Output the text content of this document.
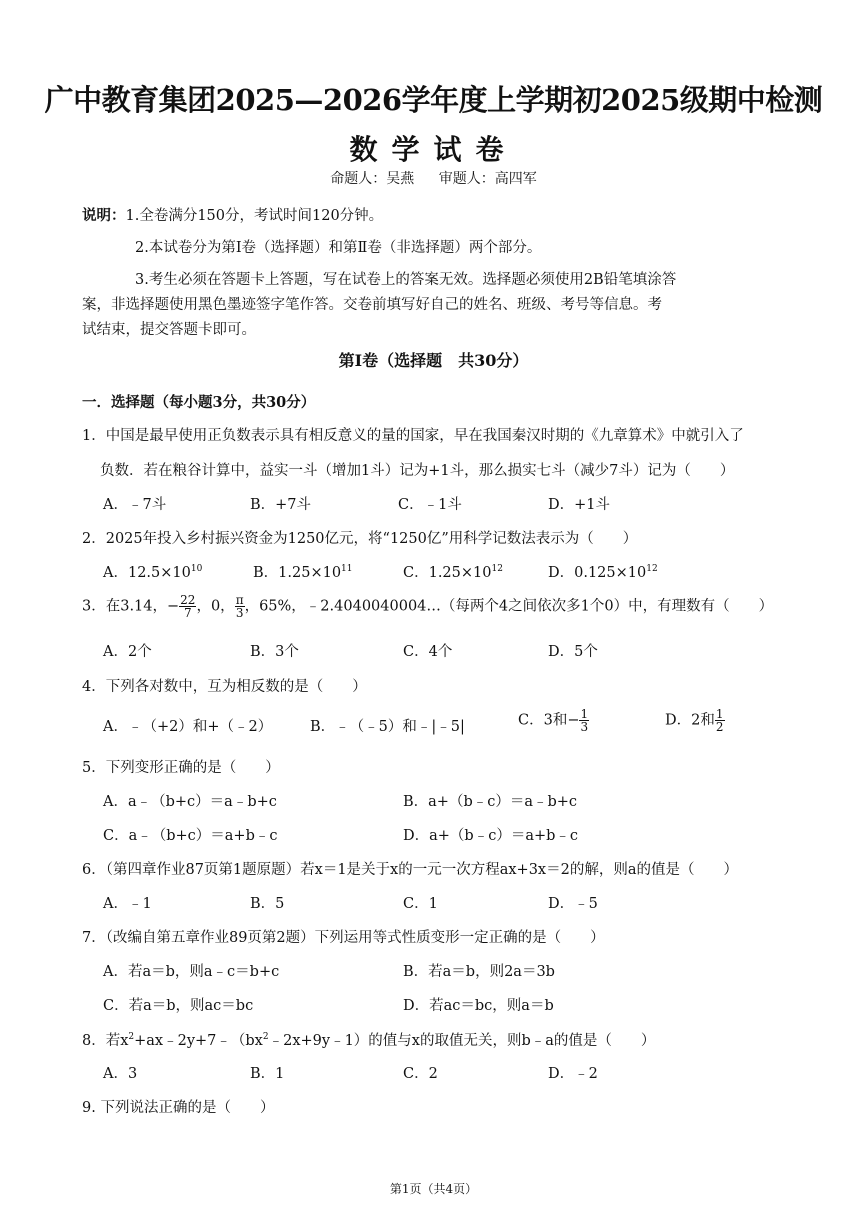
广中教育集团2025—2026学年度上学期初2025级期中检测
数学试卷
命题人：吴燕 审题人：高四军
说明：1.全卷满分150分，考试时间120分钟。
2.本试卷分为第Ⅰ卷（选择题）和第Ⅱ卷（非选择题）两个部分。
3.考生必须在答题卡上答题，写在试卷上的答案无效。选择题必须使用2B铅笔填涂答
案，非选择题使用黑色墨迹签字笔作答。交卷前填写好自己的姓名、班级、考号等信息。考
试结束，提交答题卡即可。
第Ⅰ卷（选择题　共30分）
一．选择题（每小题3分，共30分）
1．中国是最早使用正负数表示具有相反意义的量的国家，早在我国秦汉时期的《九章算术》中就引入了
负数．若在粮谷计算中，益实一斗（增加1斗）记为+1斗，那么损实七斗（减少7斗）记为（　　）
A．﹣7斗	B．+7斗	C．﹣1斗	D．+1斗
2．2025年投入乡村振兴资金为1250亿元，将“1250亿”用科学记数法表示为（　　）
A．$12.5\times 10^{10}$	B．$1.25\times 10^{11}$	C．$1.25\times 10^{12}$	D．$0.125\times 10^{12}$
3．在3.14，− $\frac{22}{7}$ ，0， $\frac{\pi}{3}$ ，65%，﹣2.4040040004…（每两个4之间依次多1个0）中，有理数有（　　）
A．2个	B．3个	C．4个	D．5个
4．下列各对数中，互为相反数的是（　　）
A．﹣（+2）和+（﹣2）	B．﹣（﹣5）和﹣|﹣5|	C．3和− $\frac{1}{3}$	D．2和 $\frac{1}{2}$
5．下列变形正确的是（　　）
A．a﹣（b+c）＝a﹣b+c	B．a+（b﹣c）＝a﹣b+c
C．a﹣（b+c）＝a+b﹣c	D．a+（b﹣c）＝a+b﹣c
6．（第四章作业87页第1题原题）若x＝1是关于x的一元一次方程ax+3x＝2的解，则a的值是（　　）
A．﹣1	B．5	C．1	D．﹣5
7．（改编自第五章作业89页第2题）下列运用等式性质变形一定正确的是（　　）
A．若a＝b，则a﹣c＝b+c	B．若a＝b，则2a＝3b
C．若a＝b，则ac＝bc	D．若ac＝bc，则a＝b
8．若$x^2+ax﹣2y+7﹣(bx^2﹣2x+9y﹣1)$的值与x的取值无关，则b﹣a的值是（　　）
A．3	B．1	C．2	D．﹣2
9. 下列说法正确的是（　　）
第1页（共4页）
